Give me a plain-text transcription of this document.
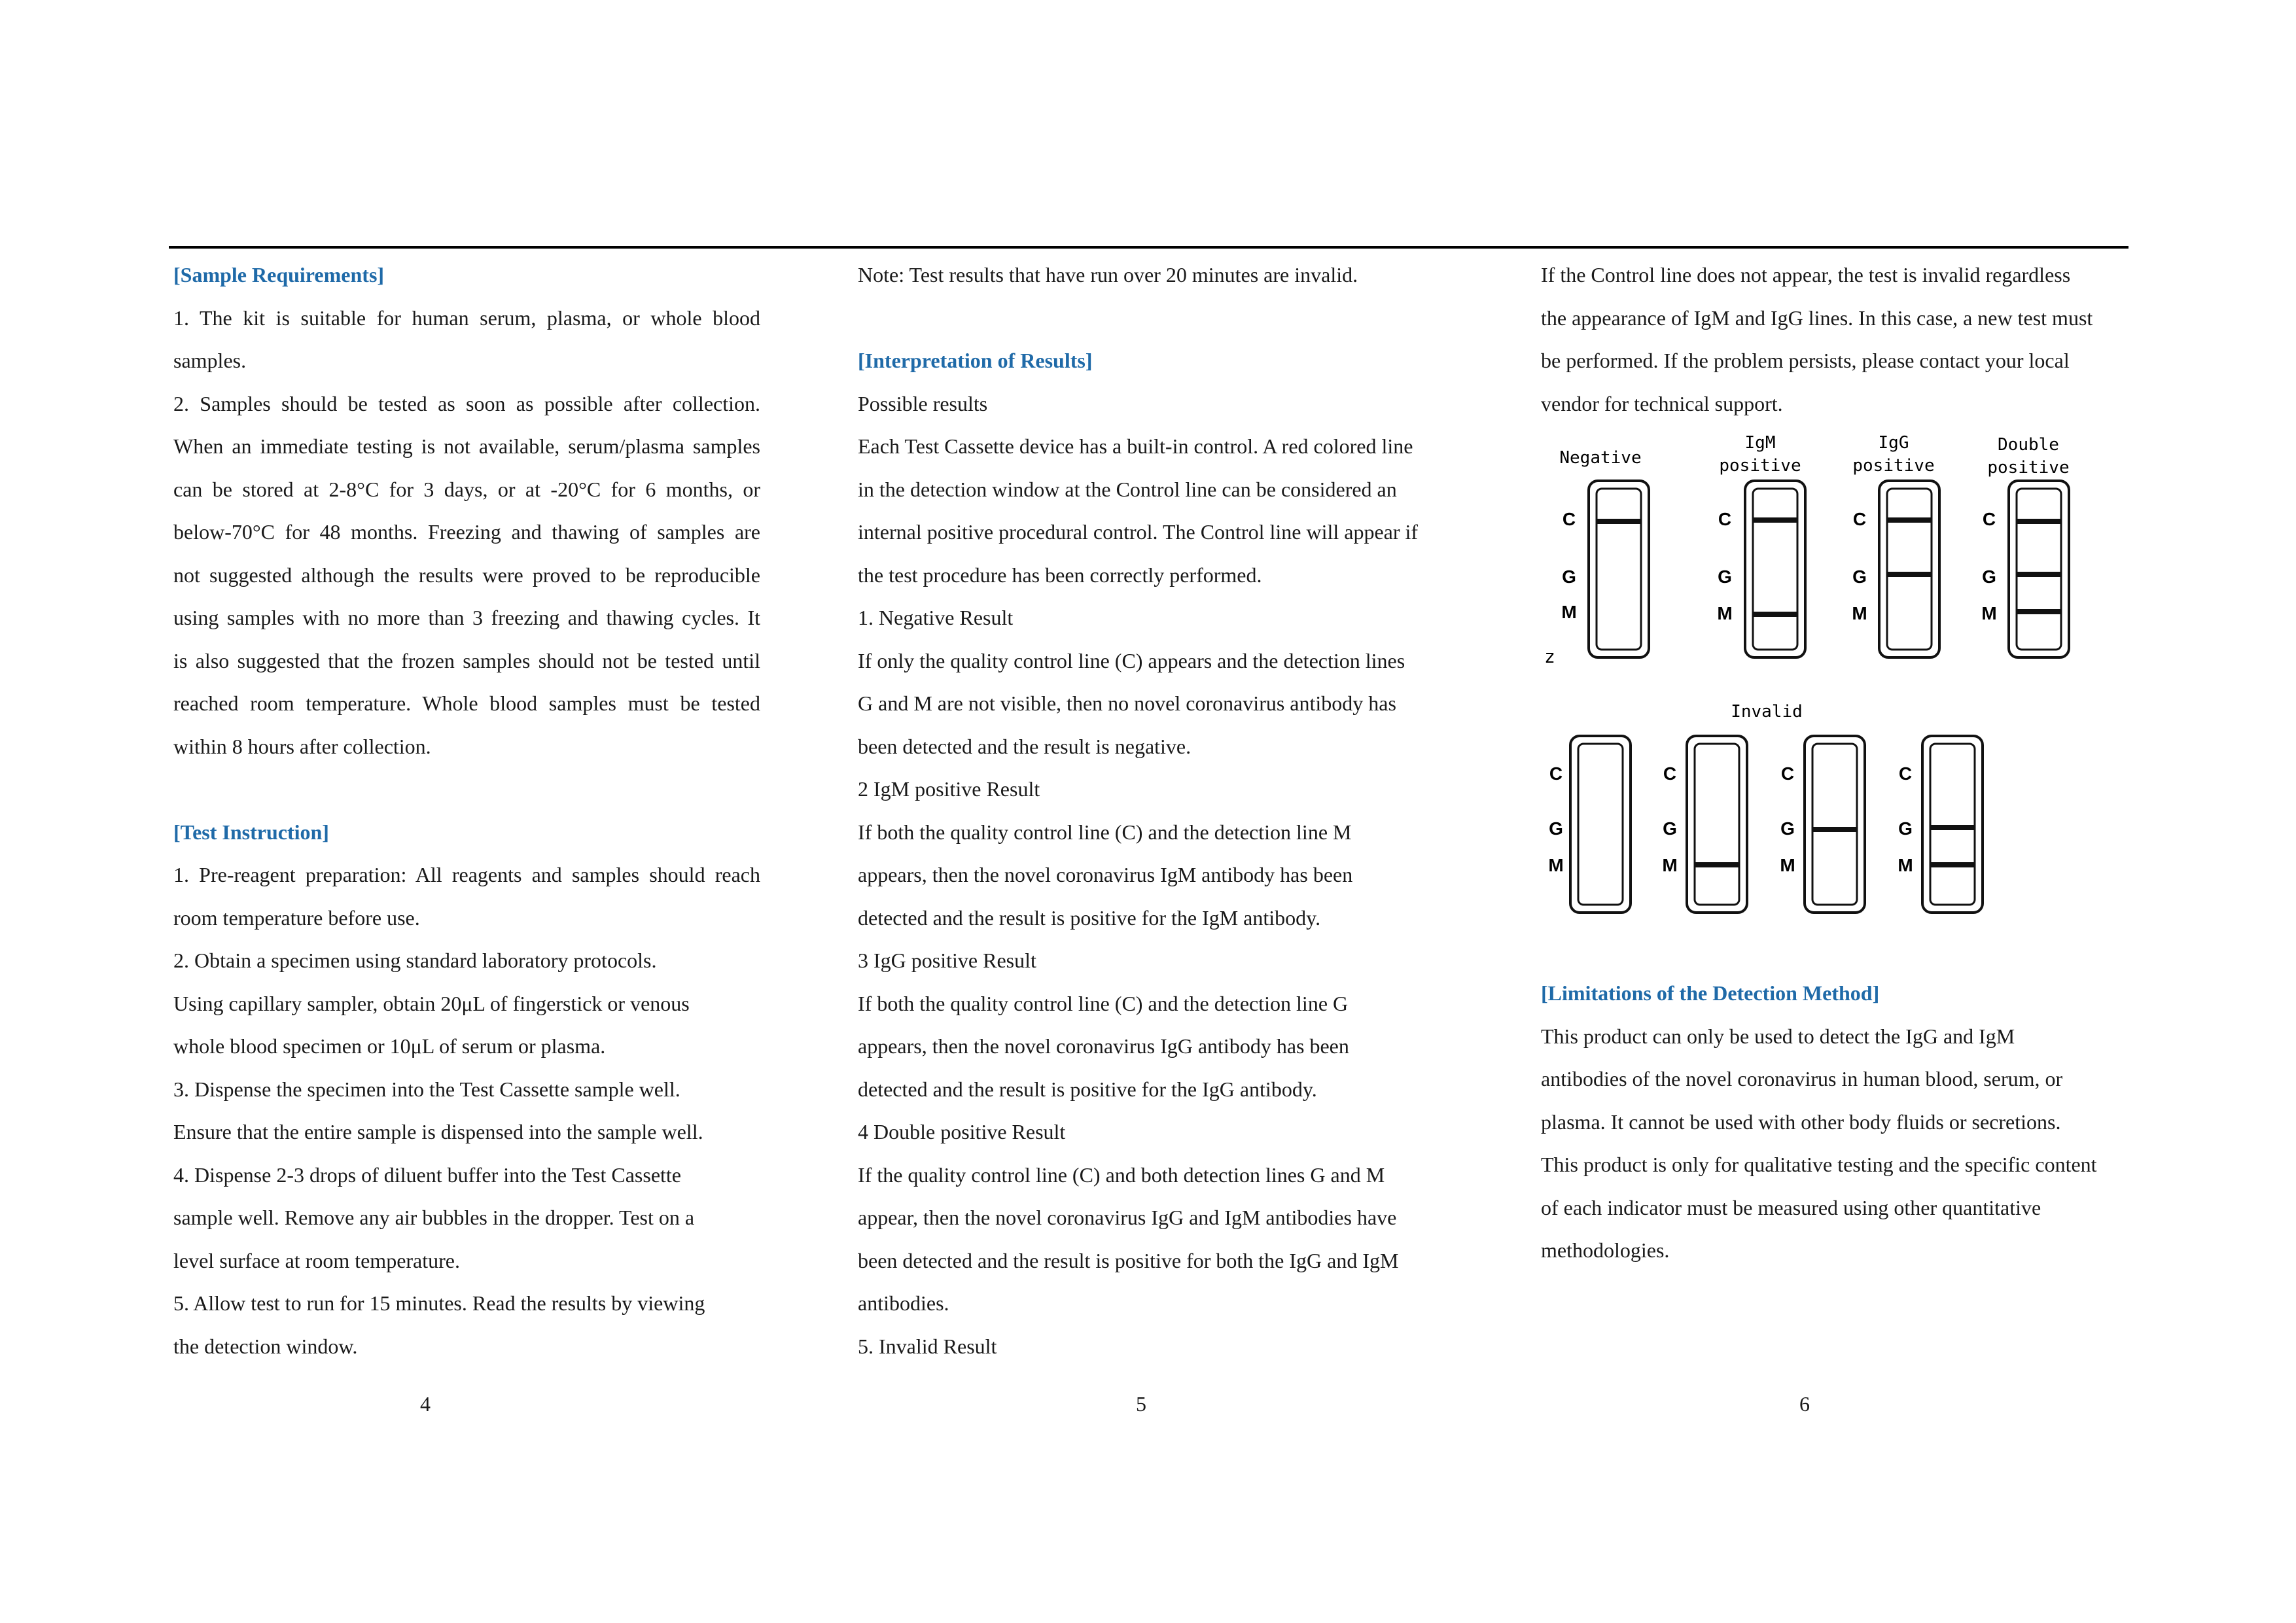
[Sample Requirements]
1. The kit is suitable for human serum, plasma, or whole blood
samples.
2. Samples should be tested as soon as possible after collection.
When an immediate testing is not available, serum/plasma samples
can be stored at 2-8°C for 3 days, or at -20°C for 6 months, or
below-70°C for 48 months. Freezing and thawing of samples are
not suggested although the results were proved to be reproducible
using samples with no more than 3 freezing and thawing cycles. It
is also suggested that the frozen samples should not be tested until
reached room temperature. Whole blood samples must be tested
within 8 hours after collection.
[Test Instruction]
1. Pre-reagent preparation: All reagents and samples should reach
room temperature before use.
2. Obtain a specimen using standard laboratory protocols.
Using capillary sampler, obtain 20μL of fingerstick or venous
whole blood specimen or 10μL of serum or plasma.
3. Dispense the specimen into the Test Cassette sample well.
Ensure that the entire sample is dispensed into the sample well.
4. Dispense 2-3 drops of diluent buffer into the Test Cassette
sample well. Remove any air bubbles in the dropper. Test on a
level surface at room temperature.
5. Allow test to run for 15 minutes. Read the results by viewing
the detection window.
Note: Test results that have run over 20 minutes are invalid.
[Interpretation of Results]
Possible results
Each Test Cassette device has a built-in control. A red colored line
in the detection window at the Control line can be considered an
internal positive procedural control. The Control line will appear if
the test procedure has been correctly performed.
1. Negative Result
If only the quality control line (C) appears and the detection lines
G and M are not visible, then no novel coronavirus antibody has
been detected and the result is negative.
2 IgM positive Result
If both the quality control line (C) and the detection line M
appears, then the novel coronavirus IgM antibody has been
detected and the result is positive for the IgM antibody.
3 IgG positive Result
If both the quality control line (C) and the detection line G
appears, then the novel coronavirus IgG antibody has been
detected and the result is positive for the IgG antibody.
4 Double positive Result
If the quality control line (C) and both detection lines G and M
appear, then the novel coronavirus IgG and IgM antibodies have
been detected and the result is positive for both the IgG and IgM
antibodies.
5. Invalid Result
If the Control line does not appear, the test is invalid regardless
the appearance of IgM and IgG lines. In this case, a new test must
be performed. If the problem persists, please contact your local
vendor for technical support.
[Limitations of the Detection Method]
This product can only be used to detect the IgG and IgM
antibodies of the novel coronavirus in human blood, serum, or
plasma. It cannot be used with other body fluids or secretions.
This product is only for qualitative testing and the specific content
of each indicator must be measured using other quantitative
methodologies.
Negative
IgM
positive
IgG
positive
Double
positive
z
C
G
M
C
G
M
C
G
M
C
G
M
Invalid
C
G
M
C
G
M
C
G
M
C
G
M
4	5	6
